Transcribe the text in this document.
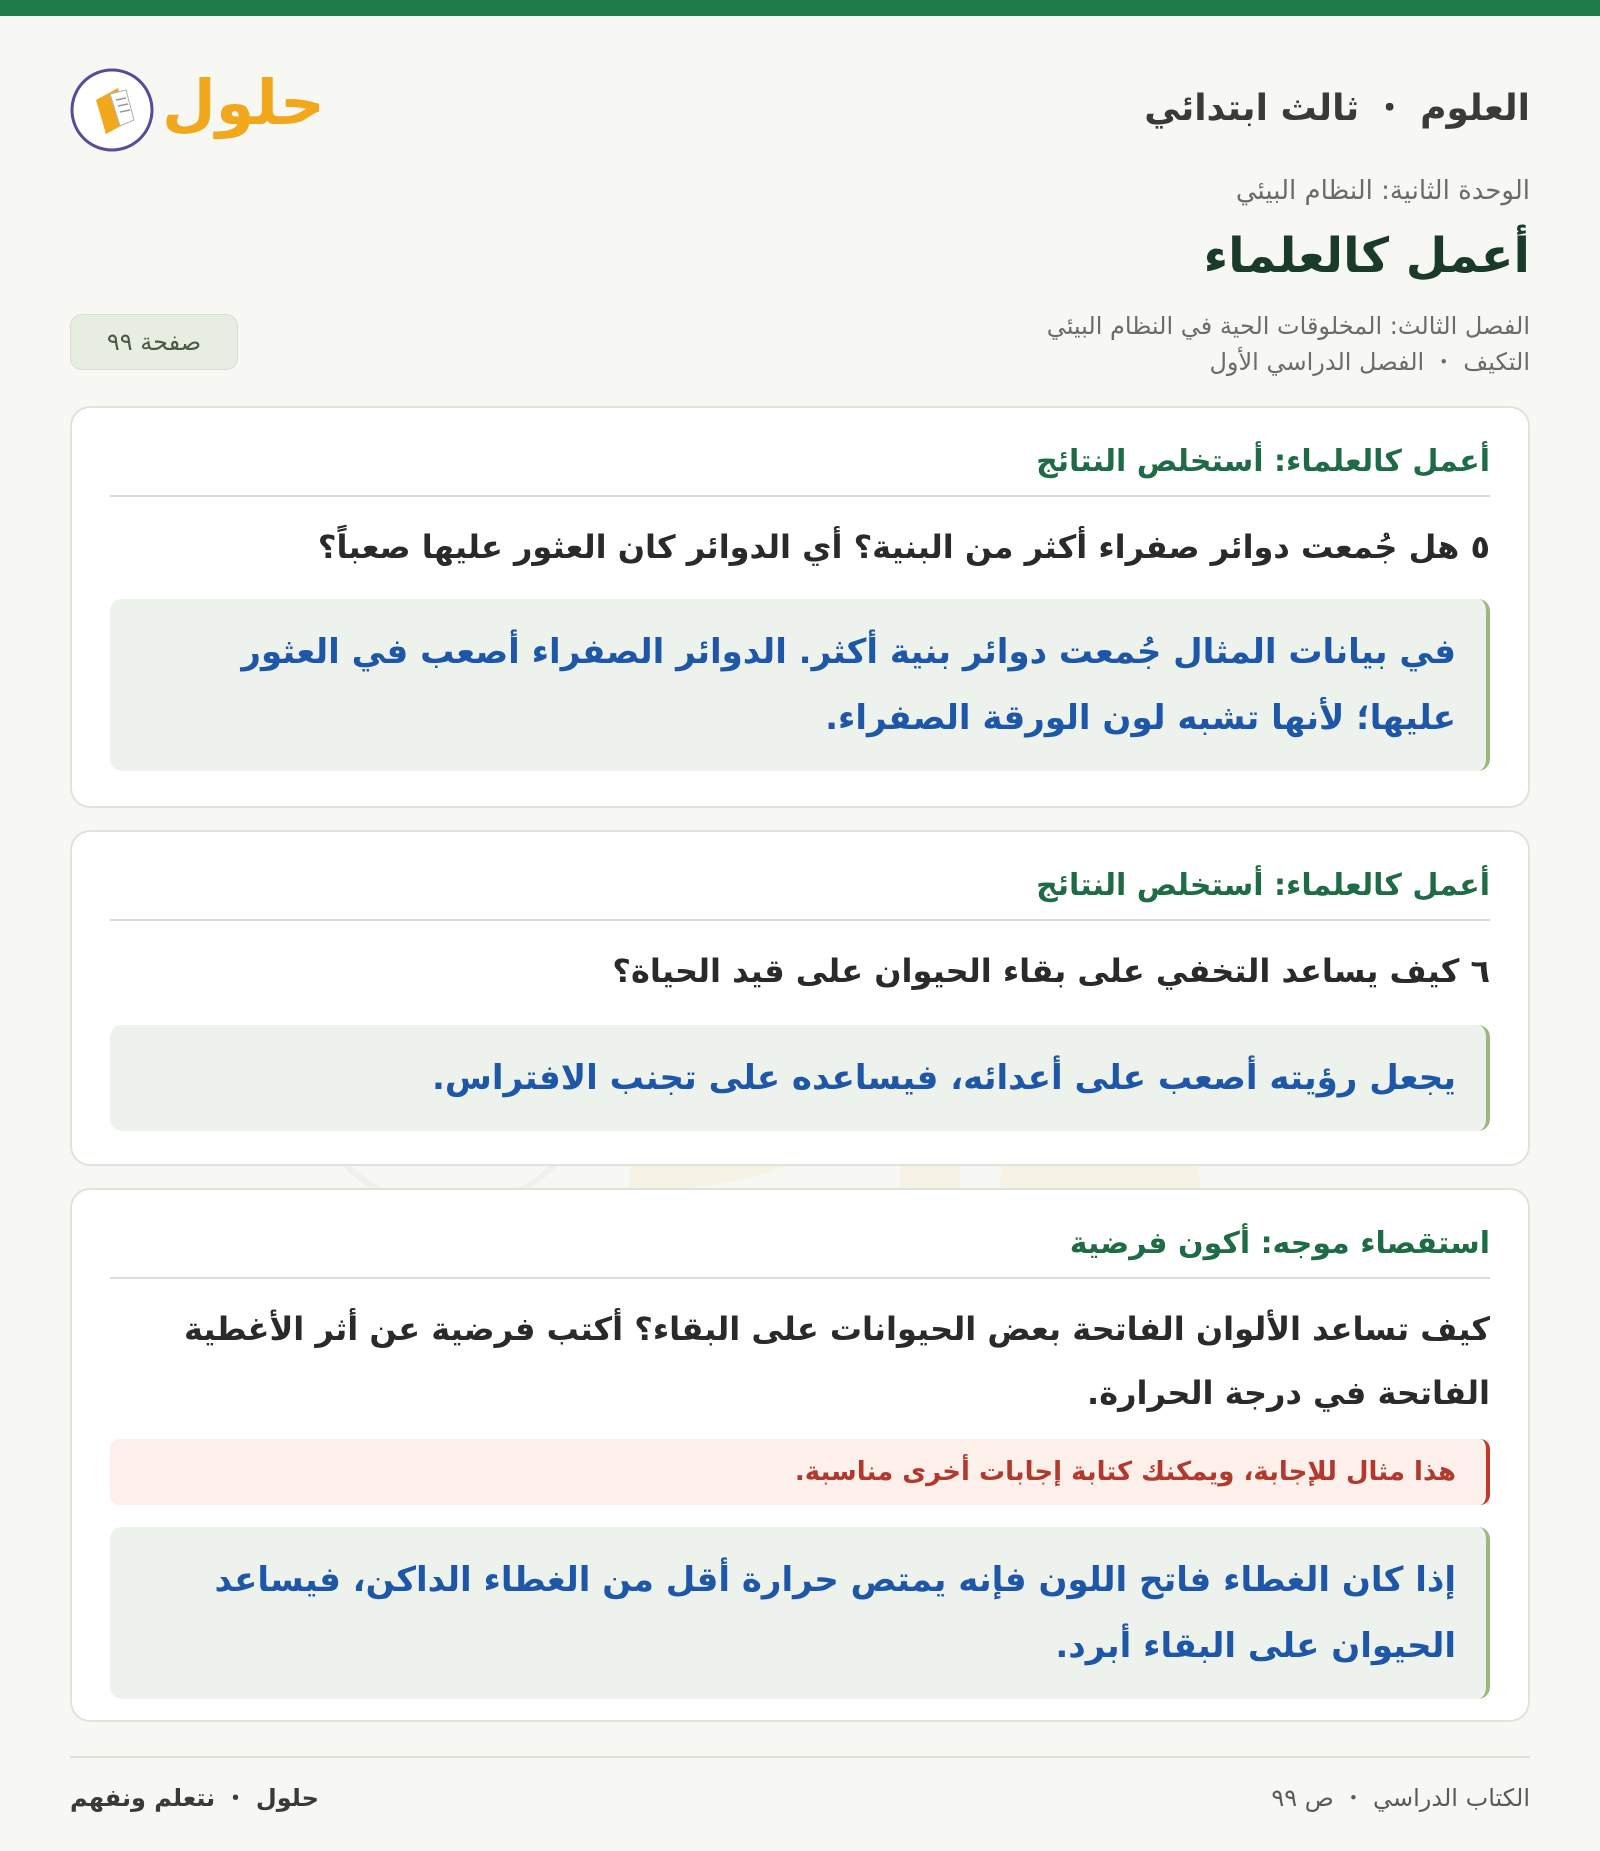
العلوم ・ ثالث ابتدائي
حلول
الوحدة الثانية: النظام البيئي
أعمل كالعلماء
الفصل الثالث: المخلوقات الحية في النظام البيئي
التكيف ・ الفصل الدراسي الأول
صفحة ٩٩
أعمل كالعلماء: أستخلص النتائج
٥ هل جُمعت دوائر صفراء أكثر من البنية؟ أي الدوائر كان العثور عليها صعباً؟
في بيانات المثال جُمعت دوائر بنية أكثر. الدوائر الصفراء أصعب في العثور عليها؛ لأنها تشبه لون الورقة الصفراء.
أعمل كالعلماء: أستخلص النتائج
٦ كيف يساعد التخفي على بقاء الحيوان على قيد الحياة؟
يجعل رؤيته أصعب على أعدائه، فيساعده على تجنب الافتراس.
استقصاء موجه: أكون فرضية
كيف تساعد الألوان الفاتحة بعض الحيوانات على البقاء؟ أكتب فرضية عن أثر الأغطية الفاتحة في درجة الحرارة.
هذا مثال للإجابة، ويمكنك كتابة إجابات أخرى مناسبة.
إذا كان الغطاء فاتح اللون فإنه يمتص حرارة أقل من الغطاء الداكن، فيساعد الحيوان على البقاء أبرد.
الكتاب الدراسي ・ ص ٩٩
حلول ・ نتعلم ونفهم
